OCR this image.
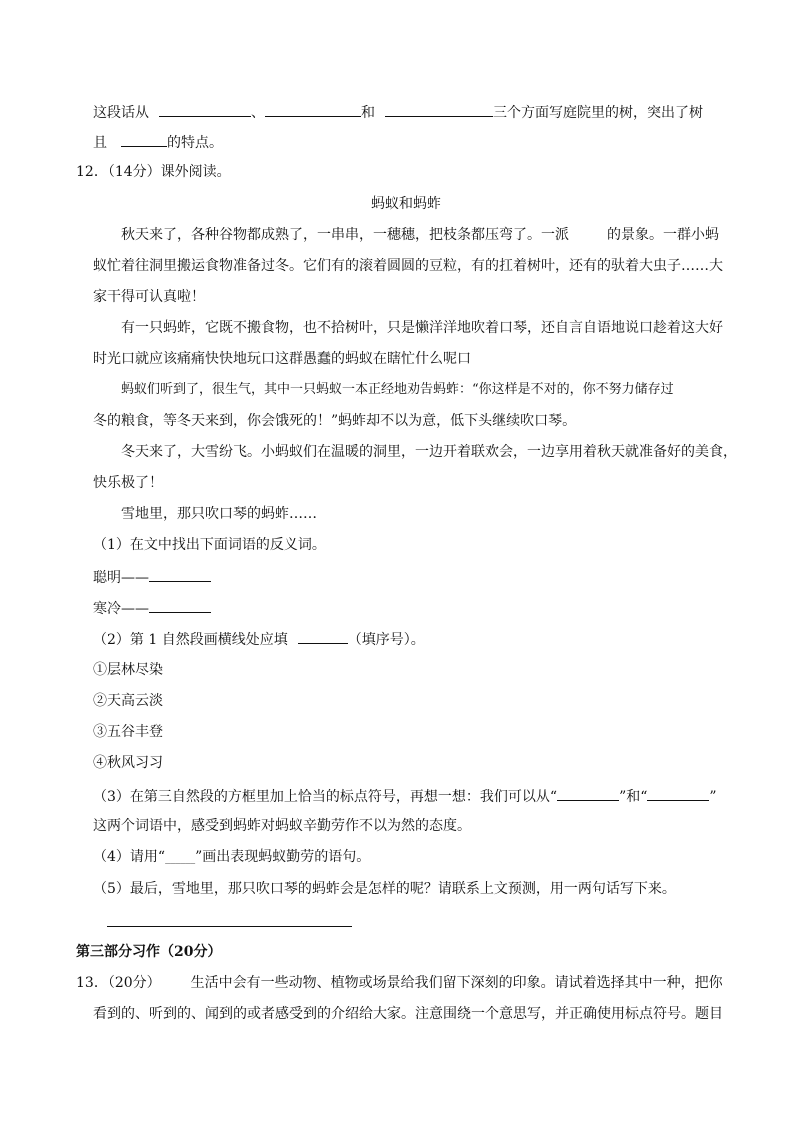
这段话从	、	和	三个方面写庭院里的树，突出了树
且	的特点。
12．（14分）课外阅读。
蚂蚁和蚂蚱
秋天来了，各种谷物都成熟了，一串串，一穗穗，把枝条都压弯了。一派	的景象。一群小蚂
蚁忙着往洞里搬运食物准备过冬。它们有的滚着圆圆的豆粒，有的扛着树叶，还有的驮着大虫子……大
家干得可认真啦！
有一只蚂蚱，它既不搬食物，也不拾树叶，只是懒洋洋地吹着口琴，还自言自语地说口趁着这大好
时光口就应该痛痛快快地玩口这群愚蠢的蚂蚁在瞎忙什么呢口
蚂蚁们听到了，很生气，其中一只蚂蚁一本正经地劝告蚂蚱：“你这样是不对的，你不努力储存过
冬的粮食，等冬天来到，你会饿死的！”蚂蚱却不以为意，低下头继续吹口琴。
冬天来了，大雪纷飞。小蚂蚁们在温暖的洞里，一边开着联欢会，一边享用着秋天就准备好的美食，
快乐极了！
雪地里，那只吹口琴的蚂蚱……
（1）在文中找出下面词语的反义词。
聪明——
寒冷——
（2）第 1 自然段画横线处应填	（填序号）。
①层林尽染
②天高云淡
③五谷丰登
④秋风习习
（3）在第三自然段的方框里加上恰当的标点符号，再想一想：我们可以从“	”和“	”
这两个词语中，感受到蚂蚱对蚂蚁辛勤劳作不以为然的态度。
（4）请用“______”画出表现蚂蚁勤劳的语句。
（5）最后，雪地里，那只吹口琴的蚂蚱会是怎样的呢？请联系上文预测，用一两句话写下来。
第三部分习作（20分）
13．（20分） 生活中会有一些动物、植物或场景给我们留下深刻的印象。请试着选择其中一种，把你
看到的、听到的、闻到的或者感受到的介绍给大家。注意围绕一个意思写，并正确使用标点符号。题目
